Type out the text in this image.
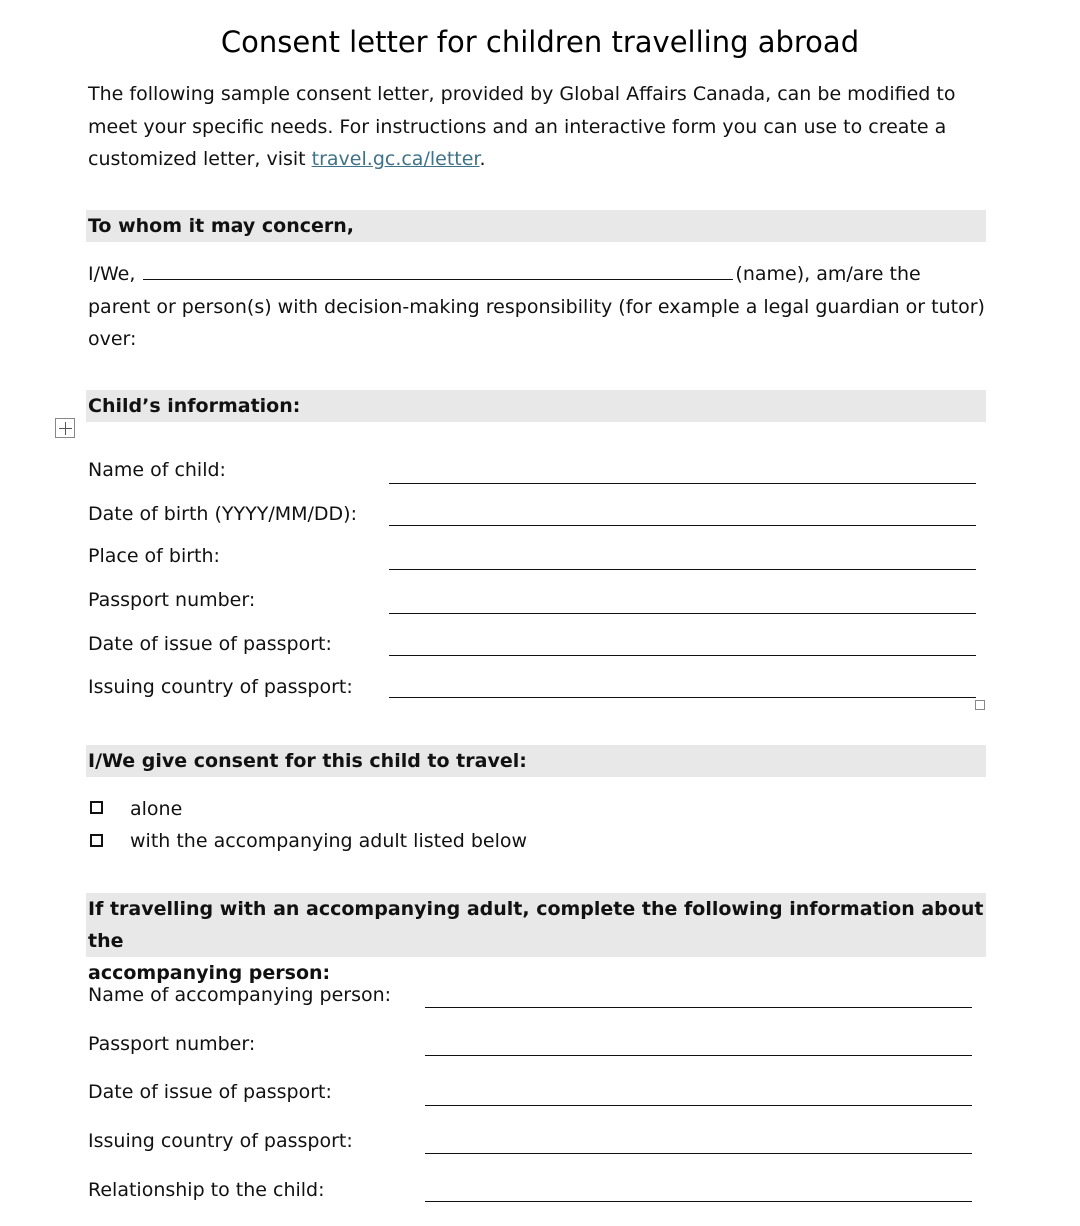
Consent letter for children travelling abroad
The following sample consent letter, provided by Global Affairs Canada, can be modified to meet your specific needs. For instructions and an interactive form you can use to create a customized letter, visit travel.gc.ca/letter.
To whom it may concern,
I/We,	(name), am/are the parent or person(s) with decision-making responsibility (for example a legal guardian or tutor) over:
Child’s information:
Name of child:
Date of birth (YYYY/MM/DD):
Place of birth:
Passport number:
Date of issue of passport:
Issuing country of passport:
I/We give consent for this child to travel:
alone
with the accompanying adult listed below
If travelling with an accompanying adult, complete the following information about the
accompanying person:
Name of accompanying person:
Passport number:
Date of issue of passport:
Issuing country of passport:
Relationship to the child:
